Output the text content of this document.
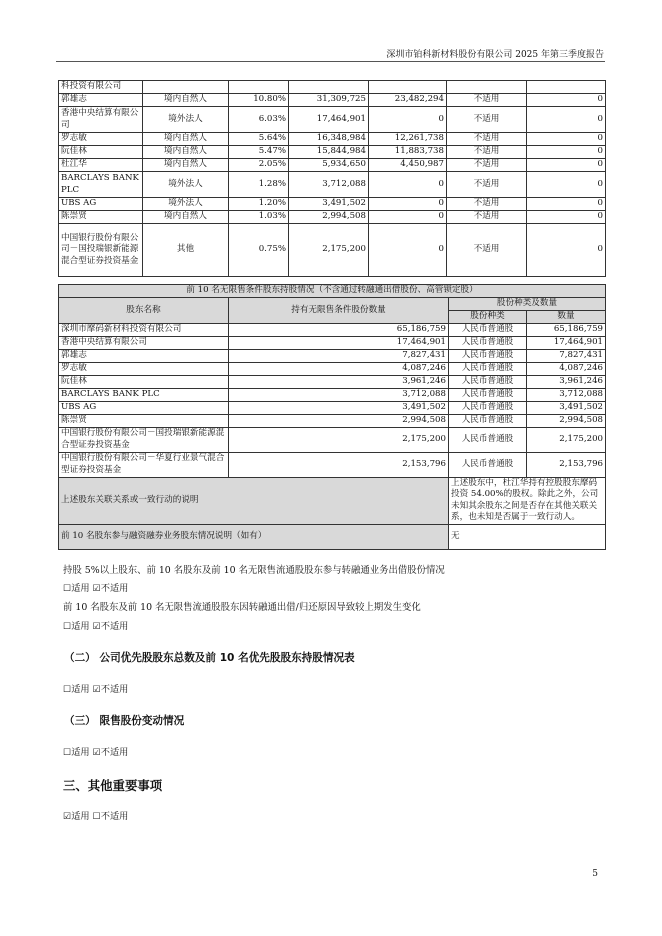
深圳市铂科新材料股份有限公司 2025 年第三季度报告
科投资有限公司						
郭雄志	境内自然人	10.80%	31,309,725	23,482,294	不适用	0
香港中央结算有限公司	境外法人	6.03%	17,464,901	0	不适用	0
罗志敏	境内自然人	5.64%	16,348,984	12,261,738	不适用	0
阮佳林	境内自然人	5.47%	15,844,984	11,883,738	不适用	0
杜江华	境内自然人	2.05%	5,934,650	4,450,987	不适用	0
BARCLAYS BANK PLC	境外法人	1.28%	3,712,088	0	不适用	0
UBS AG	境外法人	1.20%	3,491,502	0	不适用	0
陈崇贤	境内自然人	1.03%	2,994,508	0	不适用	0
中国银行股份有限公司－国投瑞银新能源混合型证券投资基金	其他	0.75%	2,175,200	0	不适用	0
前 10 名无限售条件股东持股情况（不含通过转融通出借股份、高管锁定股）			
股东名称	持有无限售条件股份数量	股份种类及数量	
		股份种类	数量
深圳市摩码新材料投资有限公司	65,186,759	人民币普通股	65,186,759
香港中央结算有限公司	17,464,901	人民币普通股	17,464,901
郭雄志	7,827,431	人民币普通股	7,827,431
罗志敏	4,087,246	人民币普通股	4,087,246
阮佳林	3,961,246	人民币普通股	3,961,246
BARCLAYS BANK PLC	3,712,088	人民币普通股	3,712,088
UBS AG	3,491,502	人民币普通股	3,491,502
陈崇贤	2,994,508	人民币普通股	2,994,508
中国银行股份有限公司－国投瑞银新能源混合型证券投资基金	2,175,200	人民币普通股	2,175,200
中国银行股份有限公司－华夏行业景气混合型证券投资基金	2,153,796	人民币普通股	2,153,796
上述股东关联关系或一致行动的说明		上述股东中，杜江华持有控股股东摩码投资 54.00%的股权。除此之外，公司未知其余股东之间是否存在其他关联关系，也未知是否属于一致行动人。	
前 10 名股东参与融资融券业务股东情况说明（如有）		无	
持股 5%以上股东、前 10 名股东及前 10 名无限售流通股股东参与转融通业务出借股份情况
☐适用 ☑不适用
前 10 名股东及前 10 名无限售流通股股东因转融通出借/归还原因导致较上期发生变化
☐适用 ☑不适用
（二） 公司优先股股东总数及前 10 名优先股股东持股情况表
☐适用 ☑不适用
（三） 限售股份变动情况
☐适用 ☑不适用
三、其他重要事项
☑适用 ☐不适用
5
